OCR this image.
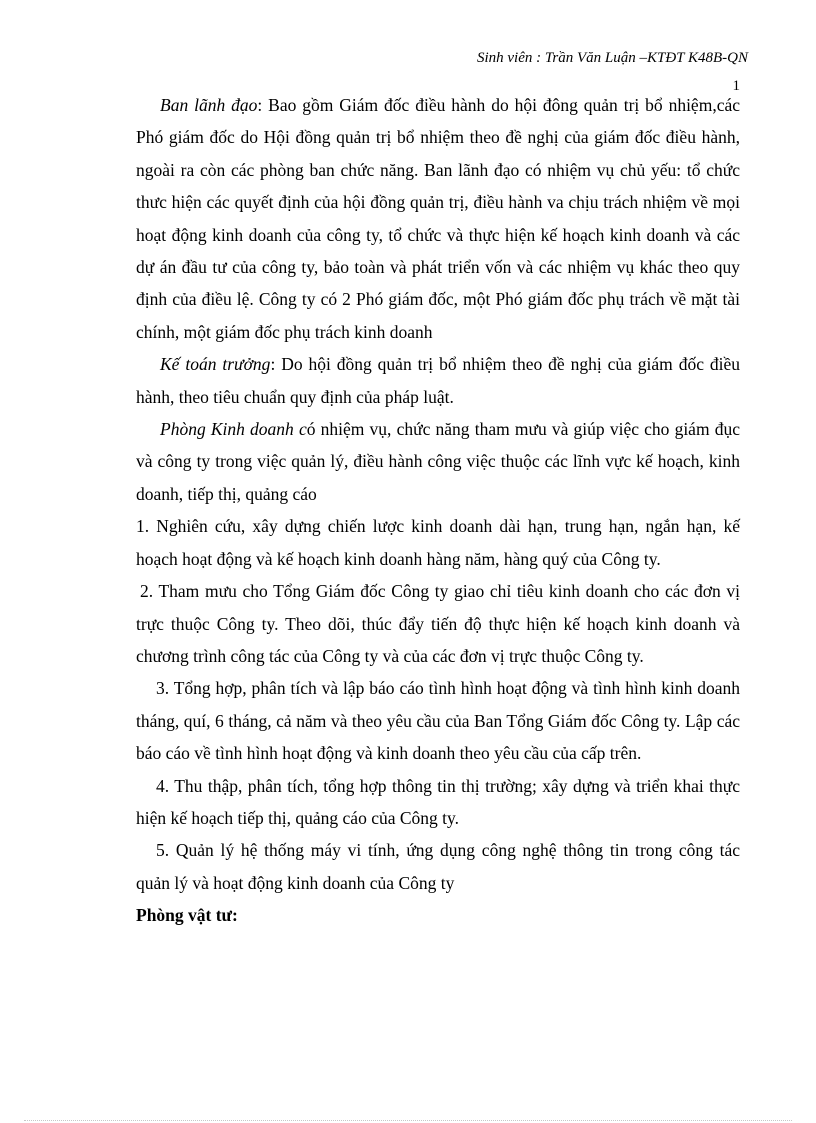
Sinh viên : Trần Văn Luận –KTĐT K48B-QN
1

Ban lãnh đạo: Bao gồm Giám đốc điều hành do hội đông quản trị bổ nhiệm,các Phó giám đốc do Hội đồng quản trị bổ nhiệm theo đề nghị của giám đốc điều hành, ngoài ra còn các phòng ban chức năng. Ban lãnh đạo có nhiệm vụ chủ yếu: tổ chức thưc hiện các quyết định của hội đồng quản trị, điều hành va chịu trách nhiệm về mọi hoạt động kinh doanh của công ty, tổ chức và thực hiện kế hoạch kinh doanh và các dự án đầu tư của công ty, bảo toàn và phát triển vốn và các nhiệm vụ khác theo quy định của điều lệ. Công ty có 2 Phó giám đốc, một Phó giám đốc phụ trách về mặt tài chính, một giám đốc phụ trách kinh doanh

Kế toán trưởng: Do hội đồng quản trị bổ nhiệm theo đề nghị của giám đốc điều hành, theo tiêu chuẩn quy định của pháp luật.

Phòng Kinh doanh có nhiệm vụ, chức năng tham mưu và giúp việc cho giám đục và công ty trong việc quản lý, điều hành công việc thuộc các lĩnh vực kế hoạch, kinh doanh, tiếp thị, quảng cáo

1. Nghiên cứu, xây dựng chiến lược kinh doanh dài hạn, trung hạn, ngắn hạn, kế hoạch hoạt động và kế hoạch kinh doanh hàng năm, hàng quý của Công ty.

2. Tham mưu cho Tổng Giám đốc Công ty giao chỉ tiêu kinh doanh cho các đơn vị trực thuộc Công ty. Theo dõi, thúc đẩy tiến độ thực hiện kế hoạch kinh doanh và chương trình công tác của Công ty và của các đơn vị trực thuộc Công ty.

3. Tổng hợp, phân tích và lập báo cáo tình hình hoạt động và tình hình kinh doanh tháng, quí, 6 tháng, cả năm và theo yêu cầu của Ban Tổng Giám đốc Công ty. Lập các báo cáo về tình hình hoạt động và kinh doanh theo yêu cầu của cấp trên.

4. Thu thập, phân tích, tổng hợp thông tin thị trường; xây dựng và triển khai thực hiện kế hoạch tiếp thị, quảng cáo của Công ty.

5. Quản lý hệ thống máy vi tính, ứng dụng công nghệ thông tin trong công tác quản lý và hoạt động kinh doanh của Công ty

Phòng vật tư:
